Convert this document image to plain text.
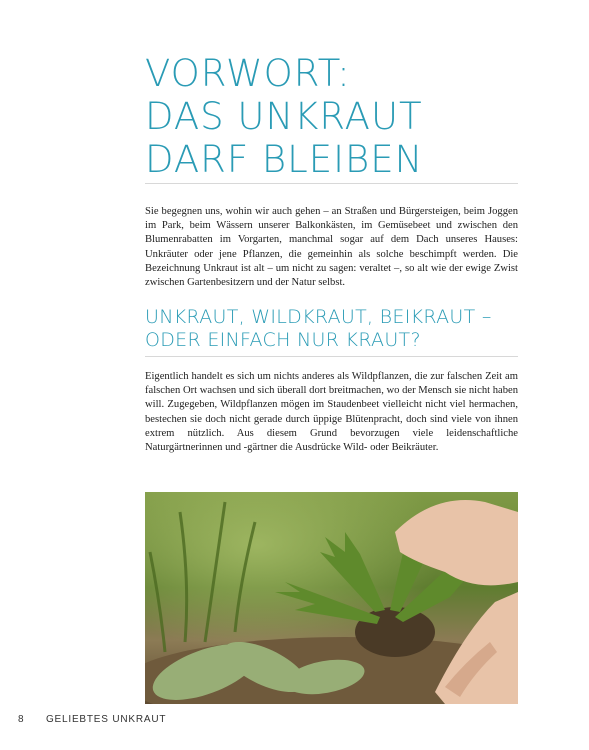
VORWORT:
DAS UNKRAUT
DARF BLEIBEN

Sie begegnen uns, wohin wir auch gehen – an Straßen und Bürgersteigen, beim Joggen im Park, beim Wässern unserer Balkonkästen, im Gemüsebeet und zwischen den Blumenrabatten im Vorgarten, manchmal sogar auf dem Dach unseres Hauses: Unkräuter oder jene Pflanzen, die gemeinhin als solche beschimpft werden. Die Bezeichnung Unkraut ist alt – um nicht zu sagen: veraltet –, so alt wie der ewige Zwist zwischen Gartenbesitzern und der Natur selbst.

UNKRAUT, WILDKRAUT, BEIKRAUT –
ODER EINFACH NUR KRAUT?

Eigentlich handelt es sich um nichts anderes als Wildpflanzen, die zur falschen Zeit am falschen Ort wachsen und sich überall dort breitmachen, wo der Mensch sie nicht haben will. Zugegeben, Wildpflanzen mögen im Staudenbeet vielleicht nicht viel hermachen, bestechen sie doch nicht gerade durch üppige Blütenpracht, doch sind viele von ihnen extrem nützlich. Aus diesem Grund bevorzugen viele leidenschaftliche Naturgärtnerinnen und -gärtner die Ausdrücke Wild- oder Beikräuter.

8 GELIEBTES UNKRAUT
